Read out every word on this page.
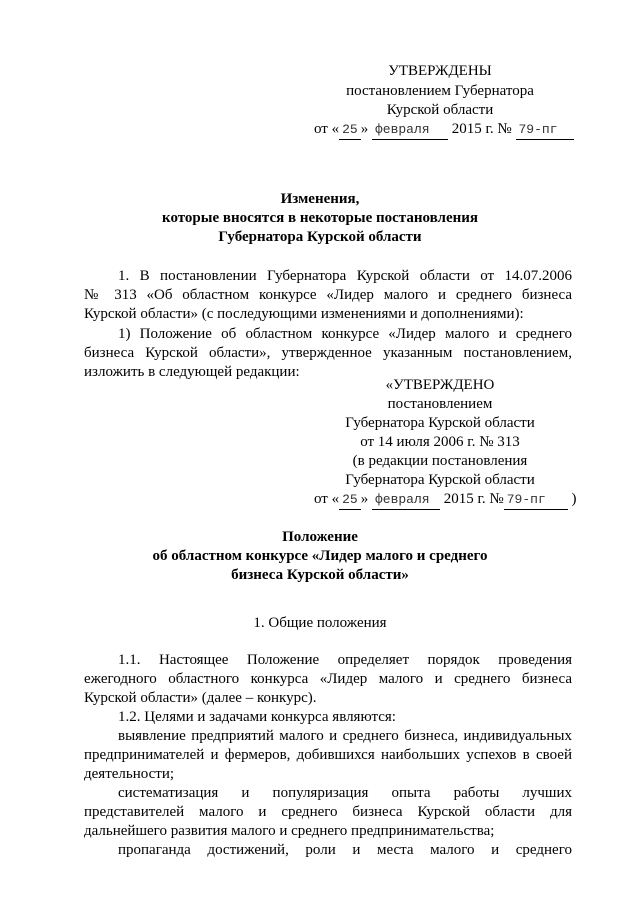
УТВЕРЖДЕНЫ
постановлением Губернатора
Курской области
от « 25 » февраля 2015 г. № 79-пг
Изменения,
которые вносятся в некоторые постановления
Губернатора Курской области
1. В постановлении Губернатора Курской области от 14.07.2006
№ 313 «Об областном конкурсе «Лидер малого и среднего бизнеса
Курской области» (с последующими изменениями и дополнениями):
1) Положение об областном конкурсе «Лидер малого и среднего
бизнеса Курской области», утвержденное указанным постановлением,
изложить в следующей редакции:
«УТВЕРЖДЕНО
постановлением
Губернатора Курской области
от 14 июля 2006 г. № 313
(в редакции постановления
Губернатора Курской области
от « 25 » февраля 2015 г. № 79-пг )
Положение
об областном конкурсе «Лидер малого и среднего
бизнеса Курской области»
1. Общие положения
1.1. Настоящее Положение определяет порядок проведения
ежегодного областного конкурса «Лидер малого и среднего бизнеса
Курской области» (далее – конкурс).
1.2. Целями и задачами конкурса являются:
выявление предприятий малого и среднего бизнеса, индивидуальных
предпринимателей и фермеров, добившихся наибольших успехов в своей
деятельности;
систематизация и популяризация опыта работы лучших
представителей малого и среднего бизнеса Курской области для
дальнейшего развития малого и среднего предпринимательства;
пропаганда достижений, роли и места малого и среднего
